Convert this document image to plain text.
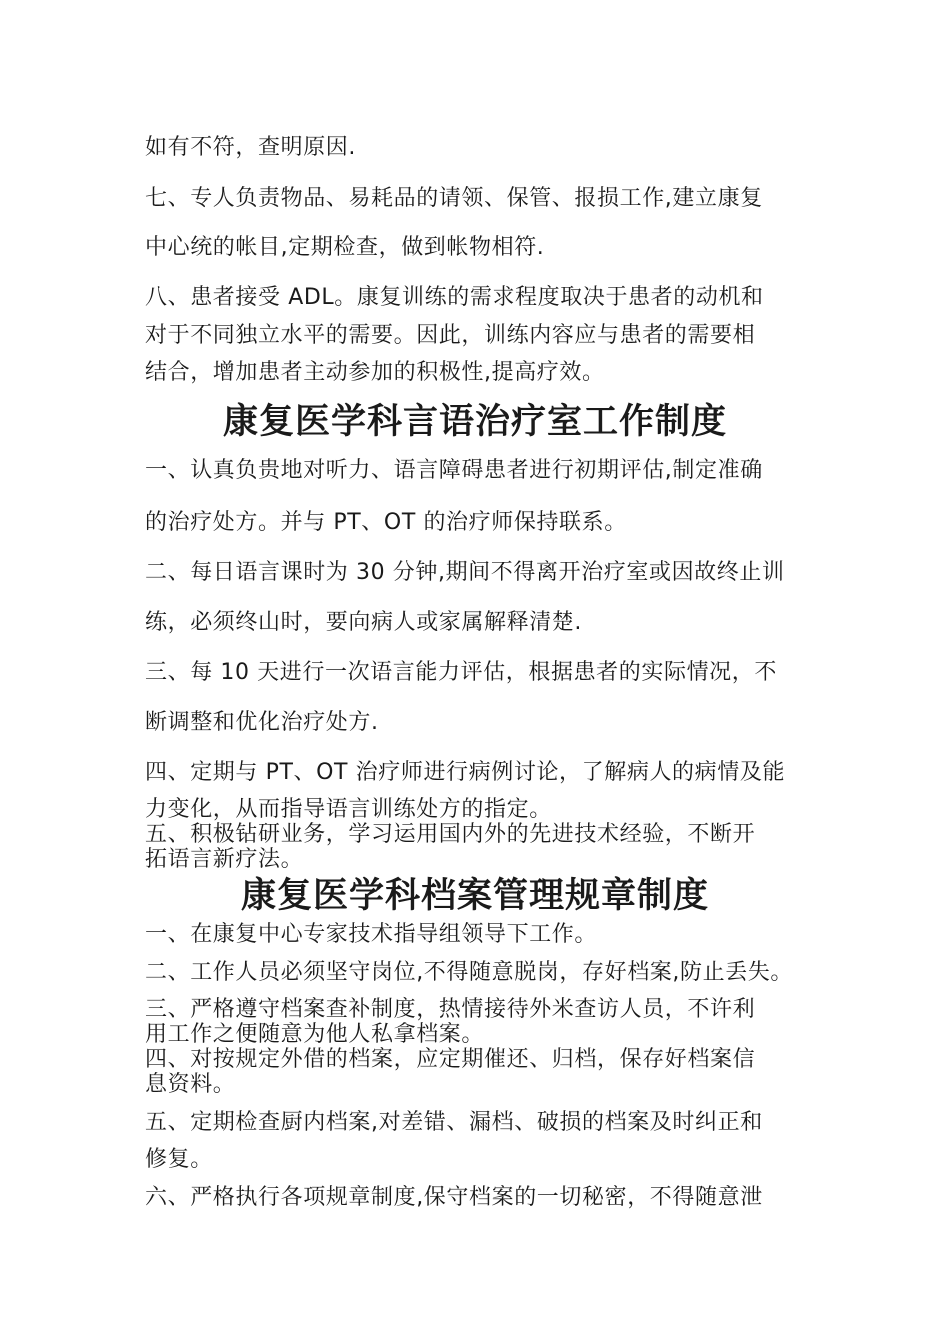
如有不符，查明原因.
七、专人负责物品、易耗品的请领、保管、报损工作,建立康复
中心统的帐目,定期检查，做到帐物相符.
八、患者接受 ADL。康复训练的需求程度取决于患者的动机和
对于不同独立水平的需要。因此，训练内容应与患者的需要相
结合，增加患者主动参加的积极性,提高疗效。
康复医学科言语治疗室工作制度
一、认真负贵地对听力、语言障碍患者进行初期评估,制定准确
的治疗处方。并与 PT、OT 的治疗师保持联系。
二、每日语言课时为 30 分钟,期间不得离开治疗室或因故终止训
练，必须终山时，要向病人或家属解释清楚.
三、每 10 天进行一次语言能力评估，根据患者的实际情况，不
断调整和优化治疗处方.
四、定期与 PT、OT 治疗师进行病例讨论，了解病人的病情及能
力变化，从而指导语言训练处方的指定。
五、积极钻研业务，学习运用国内外的先进技术经验，不断开
拓语言新疗法。
康复医学科档案管理规章制度
一、在康复中心专家技术指导组领导下工作。
二、工作人员必须坚守岗位,不得随意脱岗，存好档案,防止丢失。
三、严格遵守档案查补制度，热情接待外米查访人员，不许利
用工作之便随意为他人私拿档案。
四、对按规定外借的档案，应定期催还、归档，保存好档案信
息资料。
五、定期检查厨内档案,对差错、漏档、破损的档案及时纠正和
修复。
六、严格执行各项规章制度,保守档案的一切秘密，不得随意泄
